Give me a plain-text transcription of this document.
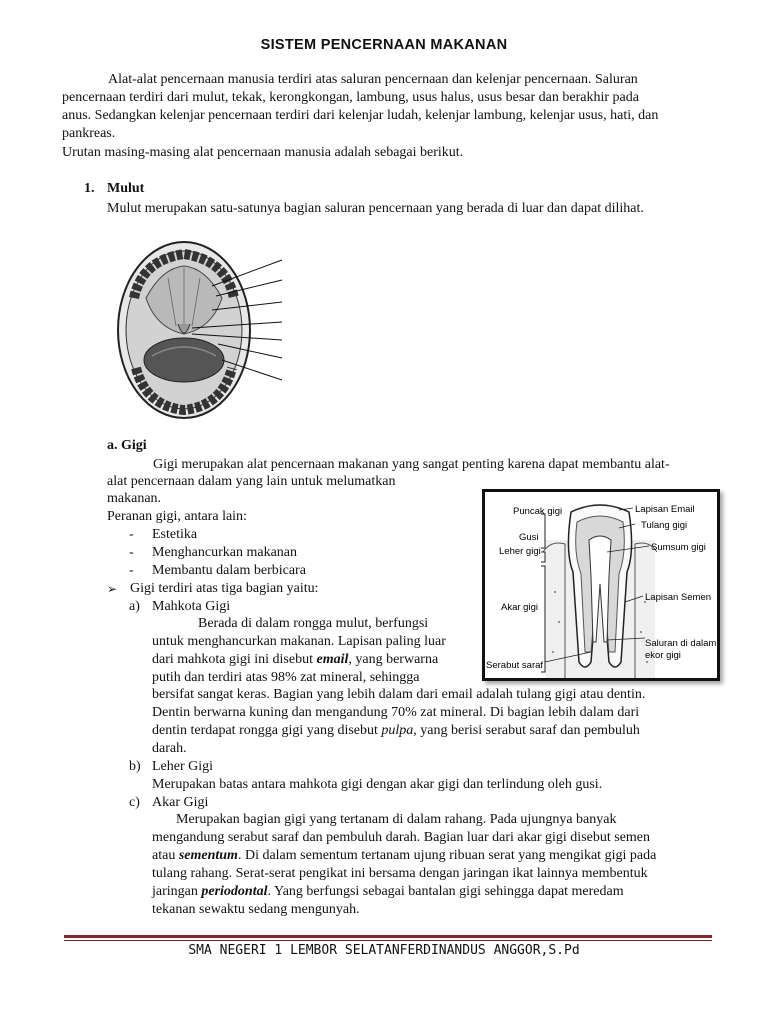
SISTEM PENCERNAAN MAKANAN
Alat-alat pencernaan manusia terdiri atas saluran pencernaan dan kelenjar pencernaan. Saluran
pencernaan terdiri dari mulut, tekak, kerongkongan, lambung, usus halus, usus besar dan berakhir pada
anus. Sedangkan kelenjar pencernaan terdiri dari kelenjar ludah, kelenjar lambung, kelenjar usus, hati, dan
pankreas.
Urutan masing-masing alat pencernaan manusia adalah sebagai berikut.
1. Mulut
Mulut merupakan satu-satunya bagian saluran pencernaan yang berada di luar dan dapat dilihat.
a. Gigi
Gigi merupakan alat pencernaan makanan yang sangat penting karena dapat membantu alat-
alat pencernaan dalam yang lain untuk melumatkan
makanan.
Peranan gigi, antara lain:
- Estetika
- Menghancurkan makanan
- Membantu dalam berbicara
➢ Gigi terdiri atas tiga bagian yaitu:
a) Mahkota Gigi
Berada di dalam rongga mulut, berfungsi
untuk menghancurkan makanan. Lapisan paling luar
dari mahkota gigi ini disebut email, yang berwarna
putih dan terdiri atas 98% zat mineral, sehingga
bersifat sangat keras. Bagian yang lebih dalam dari email adalah tulang gigi atau dentin.
Dentin berwarna kuning dan mengandung 70% zat mineral. Di bagian lebih dalam dari
dentin terdapat rongga gigi yang disebut pulpa, yang berisi serabut saraf dan pembuluh
darah.
b) Leher Gigi
Merupakan batas antara mahkota gigi dengan akar gigi dan terlindung oleh gusi.
c) Akar Gigi
Merupakan bagian gigi yang tertanam di dalam rahang. Pada ujungnya banyak
mengandung serabut saraf dan pembuluh darah. Bagian luar dari akar gigi disebut semen
atau sementum. Di dalam sementum tertanam ujung ribuan serat yang mengikat gigi pada
tulang rahang. Serat-serat pengikat ini bersama dengan jaringan ikat lainnya membentuk
jaringan periodontal. Yang berfungsi sebagai bantalan gigi sehingga dapat meredam
tekanan sewaktu sedang mengunyah.
Puncak gigi
Gusi
Leher gigi
Akar gigi
Serabut saraf
Lapisan Email
Tulang gigi
Sumsum gigi
Lapisan Semen
Saluran di dalam
ekor gigi
SMA NEGERI 1 LEMBOR SELATANFERDINANDUS ANGGOR,S.Pd
